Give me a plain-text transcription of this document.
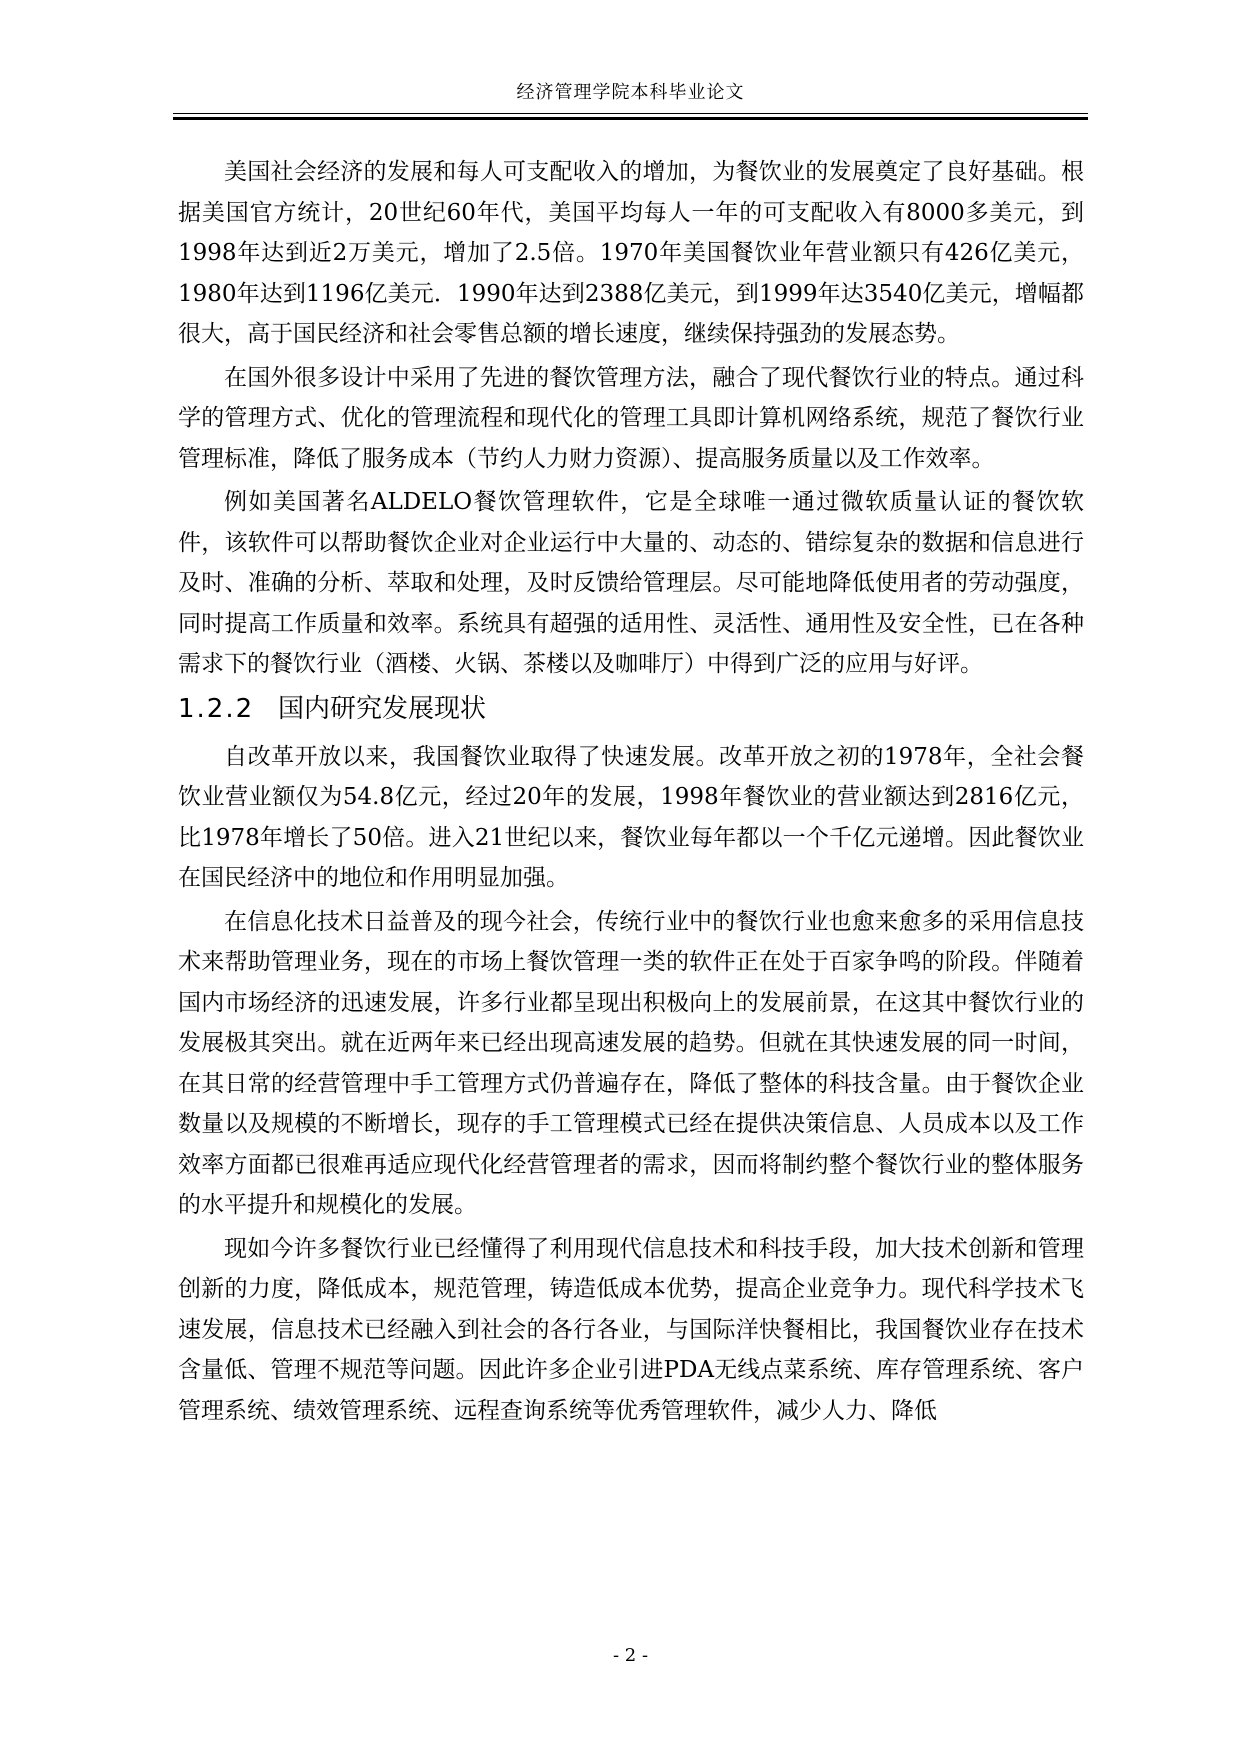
经济管理学院本科毕业论文

美国社会经济的发展和每人可支配收入的增加，为餐饮业的发展奠定了良好基础。根据美国官方统计，20世纪60年代，美国平均每人一年的可支配收入有8000多美元，到1998年达到近2万美元，增加了2.5倍。1970年美国餐饮业年营业额只有426亿美元，1980年达到1196亿美元．1990年达到2388亿美元，到1999年达3540亿美元，增幅都很大，高于国民经济和社会零售总额的增长速度，继续保持强劲的发展态势。

在国外很多设计中采用了先进的餐饮管理方法，融合了现代餐饮行业的特点。通过科学的管理方式、优化的管理流程和现代化的管理工具即计算机网络系统，规范了餐饮行业管理标准，降低了服务成本（节约人力财力资源）、提高服务质量以及工作效率。

例如美国著名ALDELO餐饮管理软件，它是全球唯一通过微软质量认证的餐饮软件，该软件可以帮助餐饮企业对企业运行中大量的、动态的、错综复杂的数据和信息进行及时、准确的分析、萃取和处理，及时反馈给管理层。尽可能地降低使用者的劳动强度，同时提高工作质量和效率。系统具有超强的适用性、灵活性、通用性及安全性，已在各种需求下的餐饮行业（酒楼、火锅、茶楼以及咖啡厅）中得到广泛的应用与好评。

1.2.2 国内研究发展现状

自改革开放以来，我国餐饮业取得了快速发展。改革开放之初的1978年，全社会餐饮业营业额仅为54.8亿元，经过20年的发展，1998年餐饮业的营业额达到2816亿元，比1978年增长了50倍。进入21世纪以来，餐饮业每年都以一个千亿元递增。因此餐饮业在国民经济中的地位和作用明显加强。

在信息化技术日益普及的现今社会，传统行业中的餐饮行业也愈来愈多的采用信息技术来帮助管理业务，现在的市场上餐饮管理一类的软件正在处于百家争鸣的阶段。伴随着国内市场经济的迅速发展，许多行业都呈现出积极向上的发展前景，在这其中餐饮行业的发展极其突出。就在近两年来已经出现高速发展的趋势。但就在其快速发展的同一时间，在其日常的经营管理中手工管理方式仍普遍存在，降低了整体的科技含量。由于餐饮企业数量以及规模的不断增长，现存的手工管理模式已经在提供决策信息、人员成本以及工作效率方面都已很难再适应现代化经营管理者的需求，因而将制约整个餐饮行业的整体服务的水平提升和规模化的发展。

现如今许多餐饮行业已经懂得了利用现代信息技术和科技手段，加大技术创新和管理创新的力度，降低成本，规范管理，铸造低成本优势，提高企业竞争力。现代科学技术飞速发展，信息技术已经融入到社会的各行各业，与国际洋快餐相比，我国餐饮业存在技术含量低、管理不规范等问题。因此许多企业引进PDA无线点菜系统、库存管理系统、客户管理系统、绩效管理系统、远程查询系统等优秀管理软件，减少人力、降低

- 2 -
